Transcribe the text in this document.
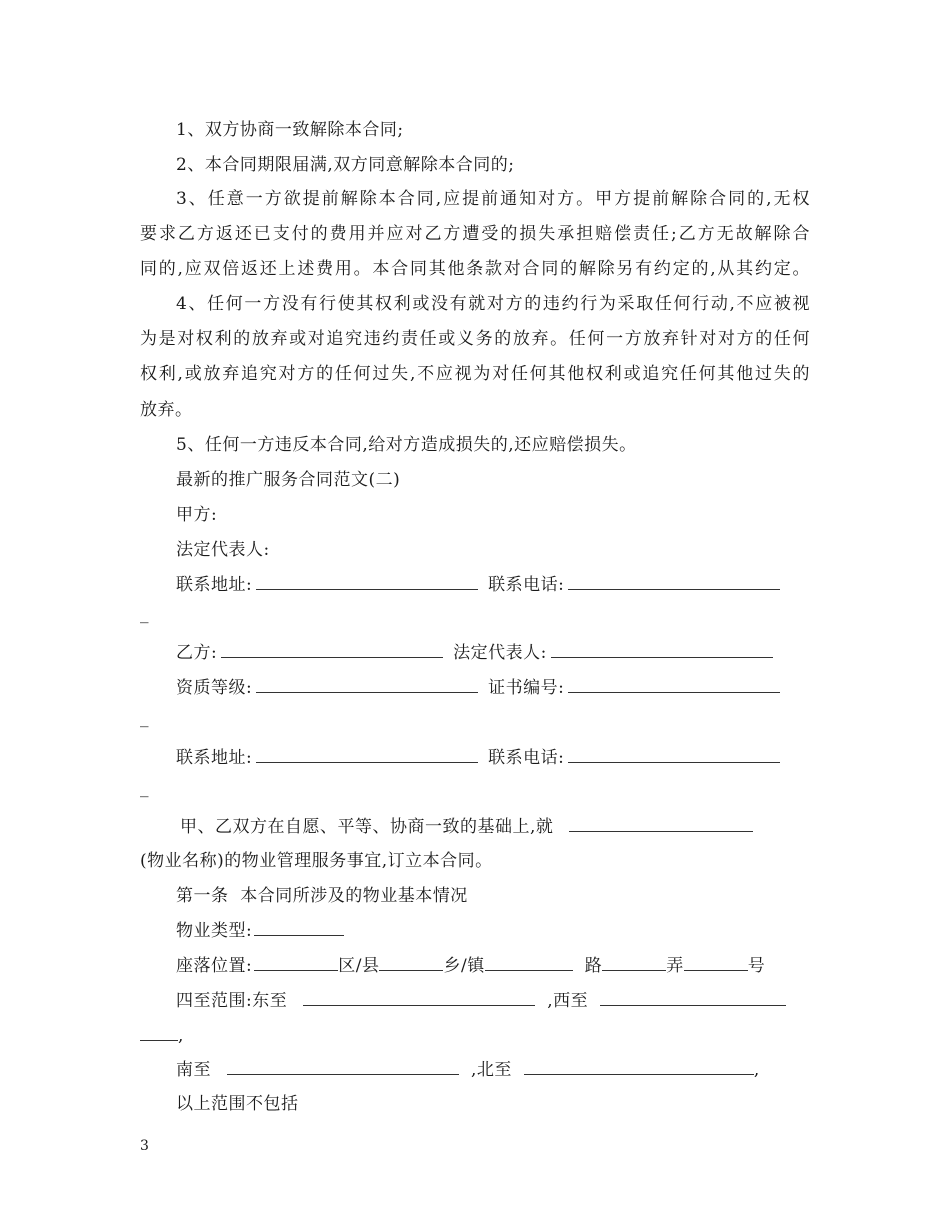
1、双方协商一致解除本合同;
2、本合同期限届满,双方同意解除本合同的;
3、任意一方欲提前解除本合同,应提前通知对方。甲方提前解除合同的,无权
要求乙方返还已支付的费用并应对乙方遭受的损失承担赔偿责任;乙方无故解除合
同的,应双倍返还上述费用。本合同其他条款对合同的解除另有约定的,从其约定。
4、任何一方没有行使其权利或没有就对方的违约行为采取任何行动,不应被视
为是对权利的放弃或对追究违约责任或义务的放弃。任何一方放弃针对对方的任何
权利,或放弃追究对方的任何过失,不应视为对任何其他权利或追究任何其他过失的
放弃。
5、任何一方违反本合同,给对方造成损失的,还应赔偿损失。
最新的推广服务合同范文(二)
甲方:
法定代表人:
联系地址:	联系电话:
_
乙方:	法定代表人:
资质等级:	证书编号:
_
联系地址:	联系电话:
_
甲、乙双方在自愿、平等、协商一致的基础上,就
(物业名称)的物业管理服务事宜,订立本合同。
第一条  本合同所涉及的物业基本情况
物业类型:
座落位置:	区/县	乡/镇	路	弄	号
四至范围:东至	,西至
,
南至	,北至	,
以上范围不包括
3
